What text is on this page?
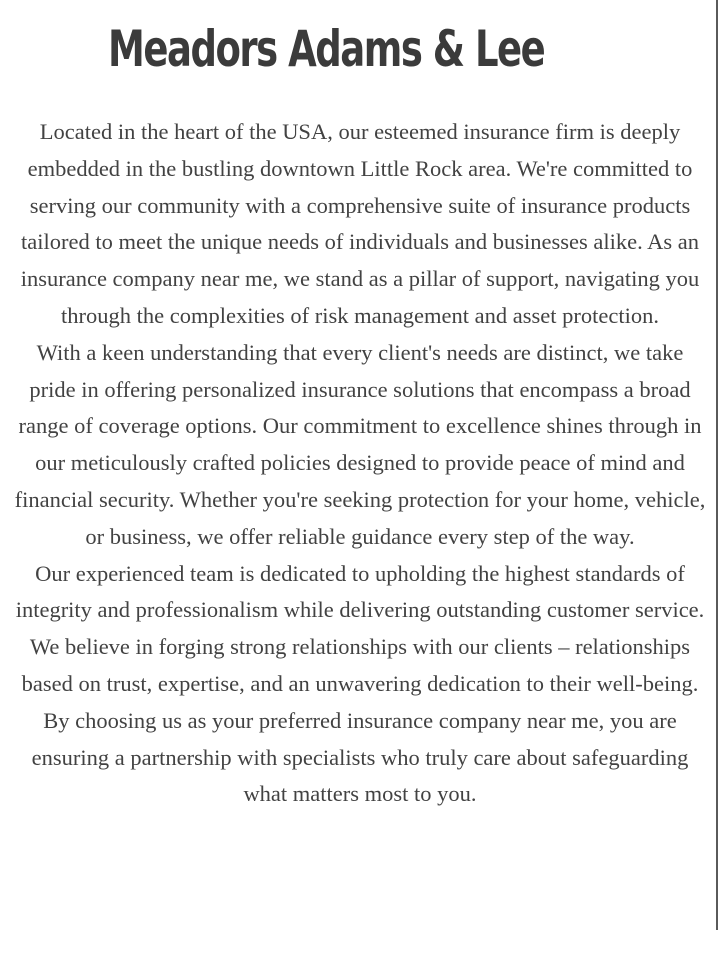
Meadors Adams & Lee

Located in the heart of the USA, our esteemed insurance firm is deeply embedded in the bustling downtown Little Rock area. We're committed to serving our community with a comprehensive suite of insurance products tailored to meet the unique needs of individuals and businesses alike. As an insurance company near me, we stand as a pillar of support, navigating you through the complexities of risk management and asset protection.

With a keen understanding that every client's needs are distinct, we take pride in offering personalized insurance solutions that encompass a broad range of coverage options. Our commitment to excellence shines through in our meticulously crafted policies designed to provide peace of mind and financial security. Whether you're seeking protection for your home, vehicle, or business, we offer reliable guidance every step of the way.

Our experienced team is dedicated to upholding the highest standards of integrity and professionalism while delivering outstanding customer service. We believe in forging strong relationships with our clients – relationships based on trust, expertise, and an unwavering dedication to their well-being. By choosing us as your preferred insurance company near me, you are ensuring a partnership with specialists who truly care about safeguarding what matters most to you.
